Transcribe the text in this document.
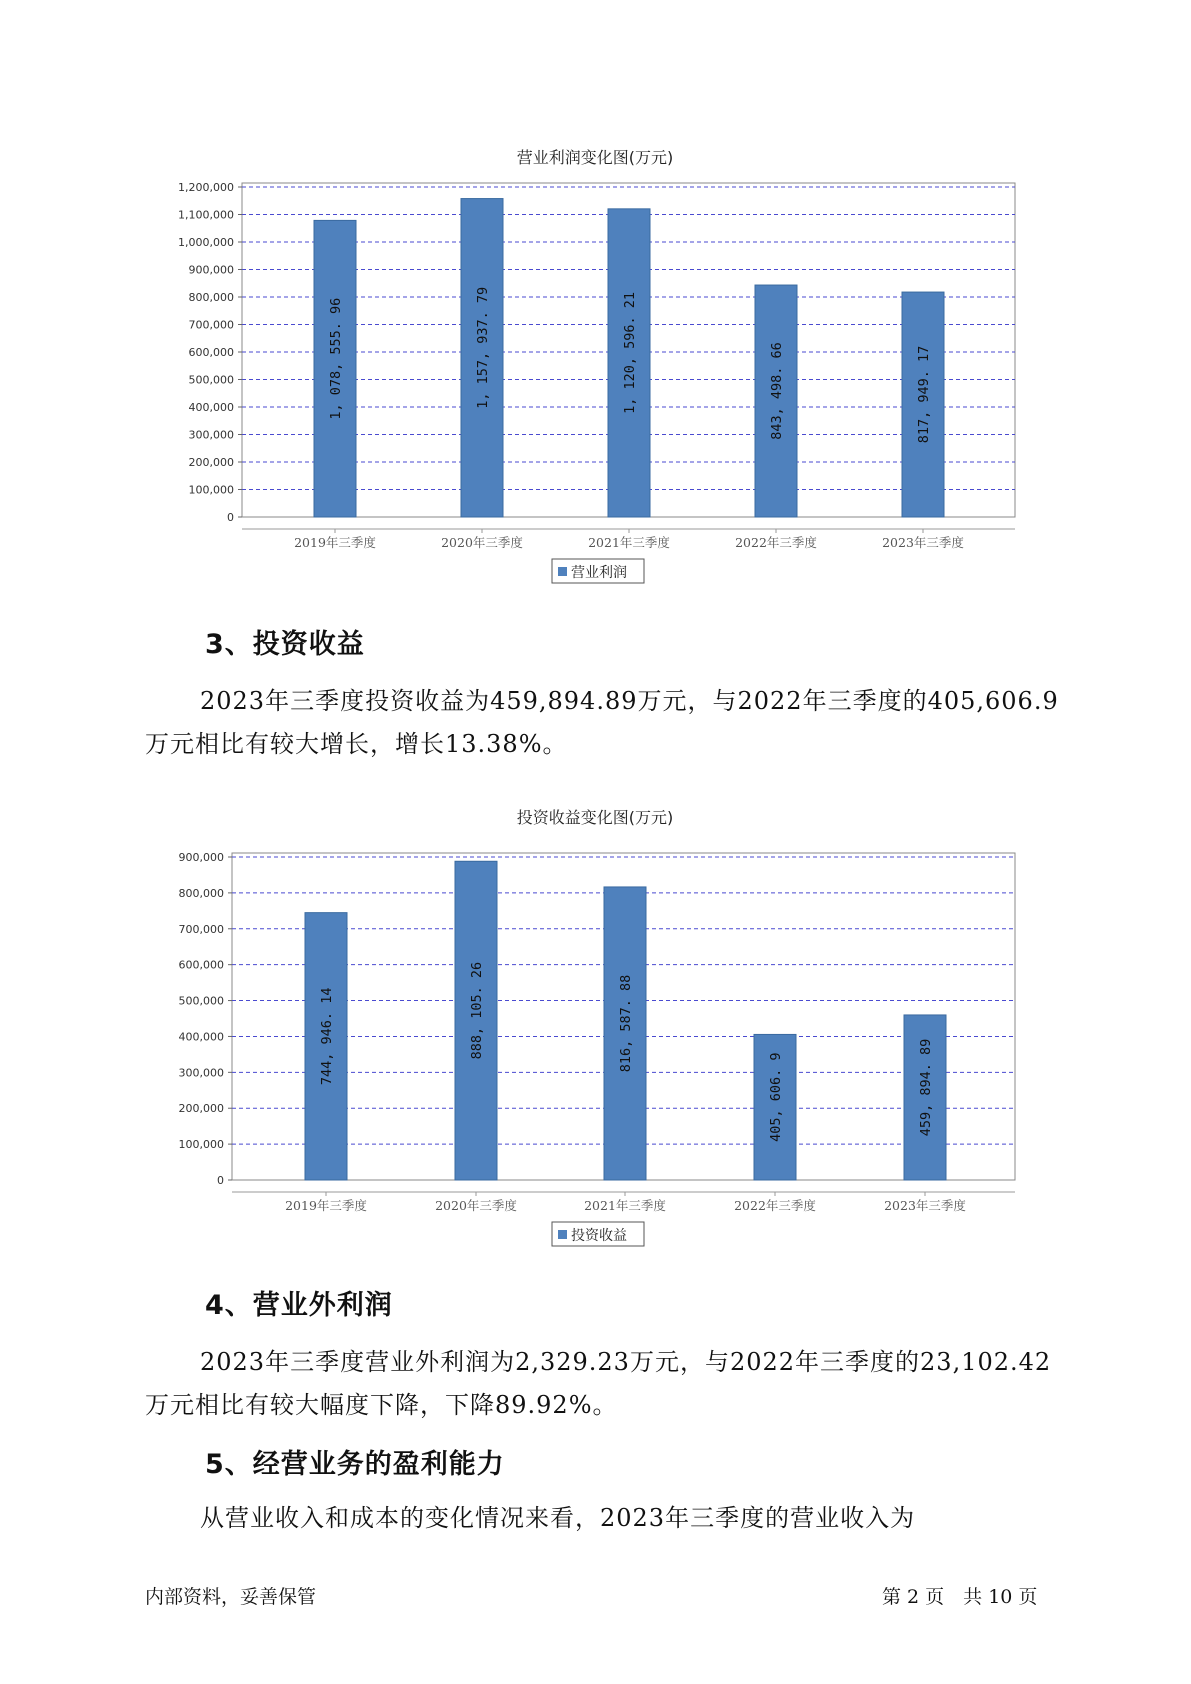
营业利润变化图(万元)
0
100,000
200,000
300,000
400,000
500,000
600,000
700,000
800,000
900,000
1,000,000
1,100,000
1,200,000
1, 078, 555. 96
2019年三季度
1, 157, 937. 79
2020年三季度
1, 120, 596. 21
2021年三季度
843, 498. 66
2022年三季度
817, 949. 17
2023年三季度
营业利润
3、投资收益

2023年三季度投资收益为459,894.89万元，与2022年三季度的405,606.9万元相比有较大增长，增长13.38%。

投资收益变化图(万元)
0
100,000
200,000
300,000
400,000
500,000
600,000
700,000
800,000
900,000
744, 946. 14
2019年三季度
888, 105. 26
2020年三季度
816, 587. 88
2021年三季度
405, 606. 9
2022年三季度
459, 894. 89
2023年三季度
投资收益
4、营业外利润

2023年三季度营业外利润为2,329.23万元，与2022年三季度的23,102.42万元相比有较大幅度下降，下降89.92%。

5、经营业务的盈利能力

从营业收入和成本的变化情况来看，2023年三季度的营业收入为

内部资料，妥善保管	第 2 页　共 10 页
